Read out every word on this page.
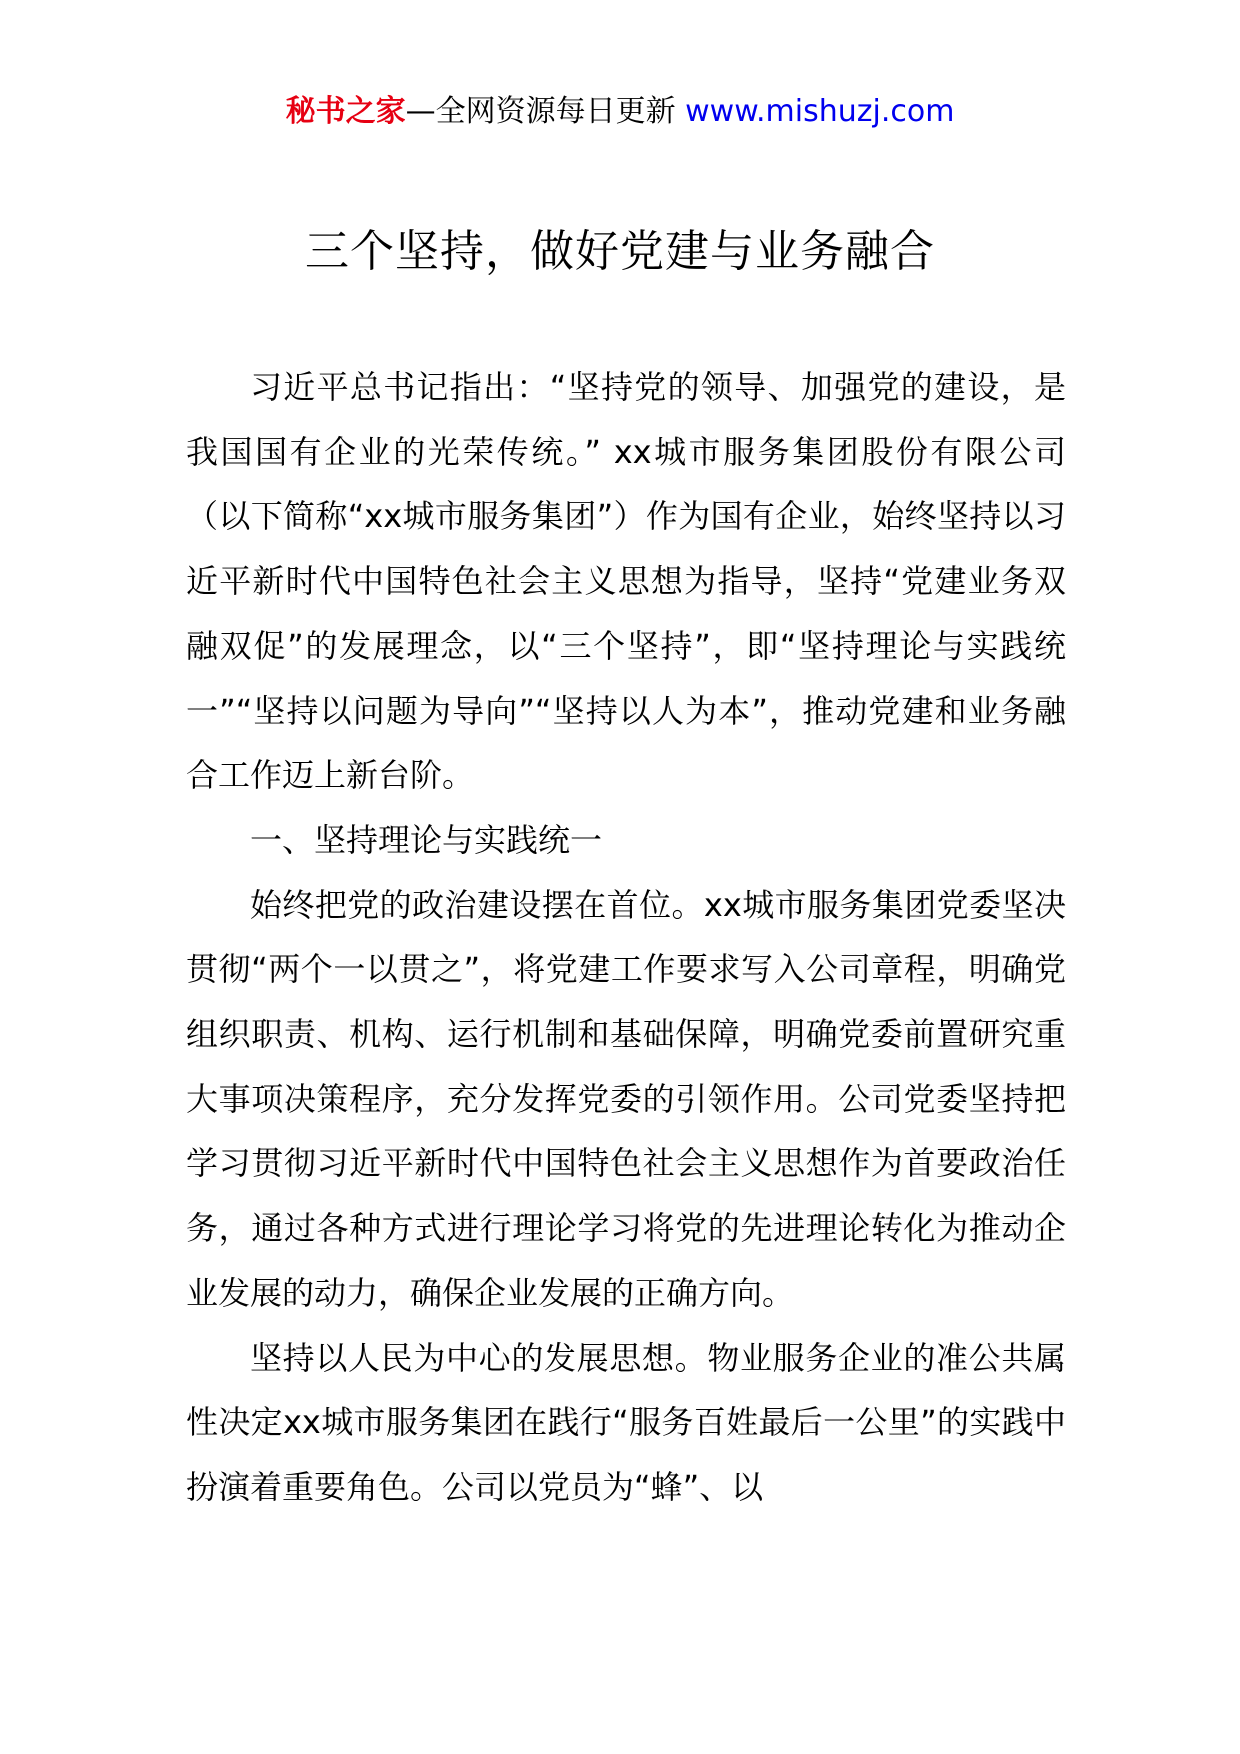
秘书之家—全网资源每日更新 www.mishuzj.com
三个坚持，做好党建与业务融合

习近平总书记指出：“坚持党的领导、加强党的建设，是我国国有企业的光荣传统。” xx城市服务集团股份有限公司（以下简称“xx城市服务集团”）作为国有企业，始终坚持以习近平新时代中国特色社会主义思想为指导，坚持“党建业务双融双促”的发展理念，以“三个坚持”，即“坚持理论与实践统一”“坚持以问题为导向”“坚持以人为本”，推动党建和业务融合工作迈上新台阶。

一、坚持理论与实践统一

始终把党的政治建设摆在首位。xx城市服务集团党委坚决贯彻“两个一以贯之”，将党建工作要求写入公司章程，明确党组织职责、机构、运行机制和基础保障，明确党委前置研究重大事项决策程序，充分发挥党委的引领作用。公司党委坚持把学习贯彻习近平新时代中国特色社会主义思想作为首要政治任务，通过各种方式进行理论学习将党的先进理论转化为推动企业发展的动力，确保企业发展的正确方向。

坚持以人民为中心的发展思想。物业服务企业的准公共属性决定xx城市服务集团在践行“服务百姓最后一公里”的实践中扮演着重要角色。公司以党员为“蜂”、以
